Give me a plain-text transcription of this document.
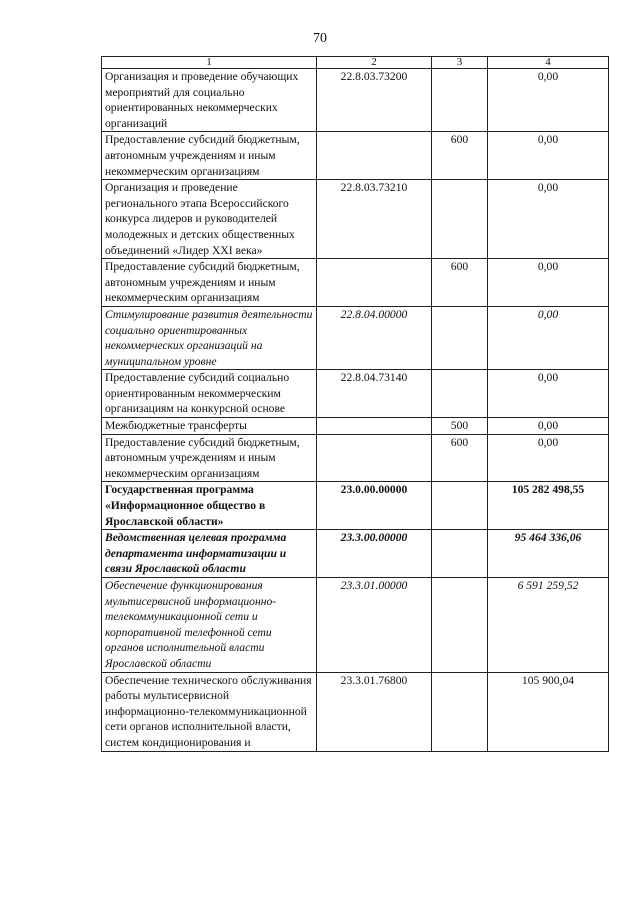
70
1	2	3	4
Организация и проведение обучающих мероприятий для социально ориентированных некоммерческих организаций	22.8.03.73200		0,00
Предоставление субсидий бюджетным, автономным учреждениям и иным некоммерческим организациям		600	0,00
Организация и проведение регионального этапа Всероссийского конкурса лидеров и руководителей молодежных и детских общественных объединений «Лидер XXI века»	22.8.03.73210		0,00
Предоставление субсидий бюджетным, автономным учреждениям и иным некоммерческим организациям		600	0,00
Стимулирование развития деятельности социально ориентированных некоммерческих организаций на муниципальном уровне	22.8.04.00000		0,00
Предоставление субсидий социально ориентированным некоммерческим организациям на конкурсной основе	22.8.04.73140		0,00
Межбюджетные трансферты		500	0,00
Предоставление субсидий бюджетным, автономным учреждениям и иным некоммерческим организациям		600	0,00
Государственная программа «Информационное общество в Ярославской области»	23.0.00.00000		105 282 498,55
Ведомственная целевая программа департамента информатизации и связи Ярославской области	23.3.00.00000		95 464 336,06
Обеспечение функционирования мультисервисной информационно-телекоммуникационной сети и корпоративной телефонной сети органов исполнительной власти Ярославской области	23.3.01.00000		6 591 259,52
Обеспечение технического обслуживания работы мультисервисной информационно-телекоммуникационной сети органов исполнительной власти, систем кондиционирования и	23.3.01.76800		105 900,04
